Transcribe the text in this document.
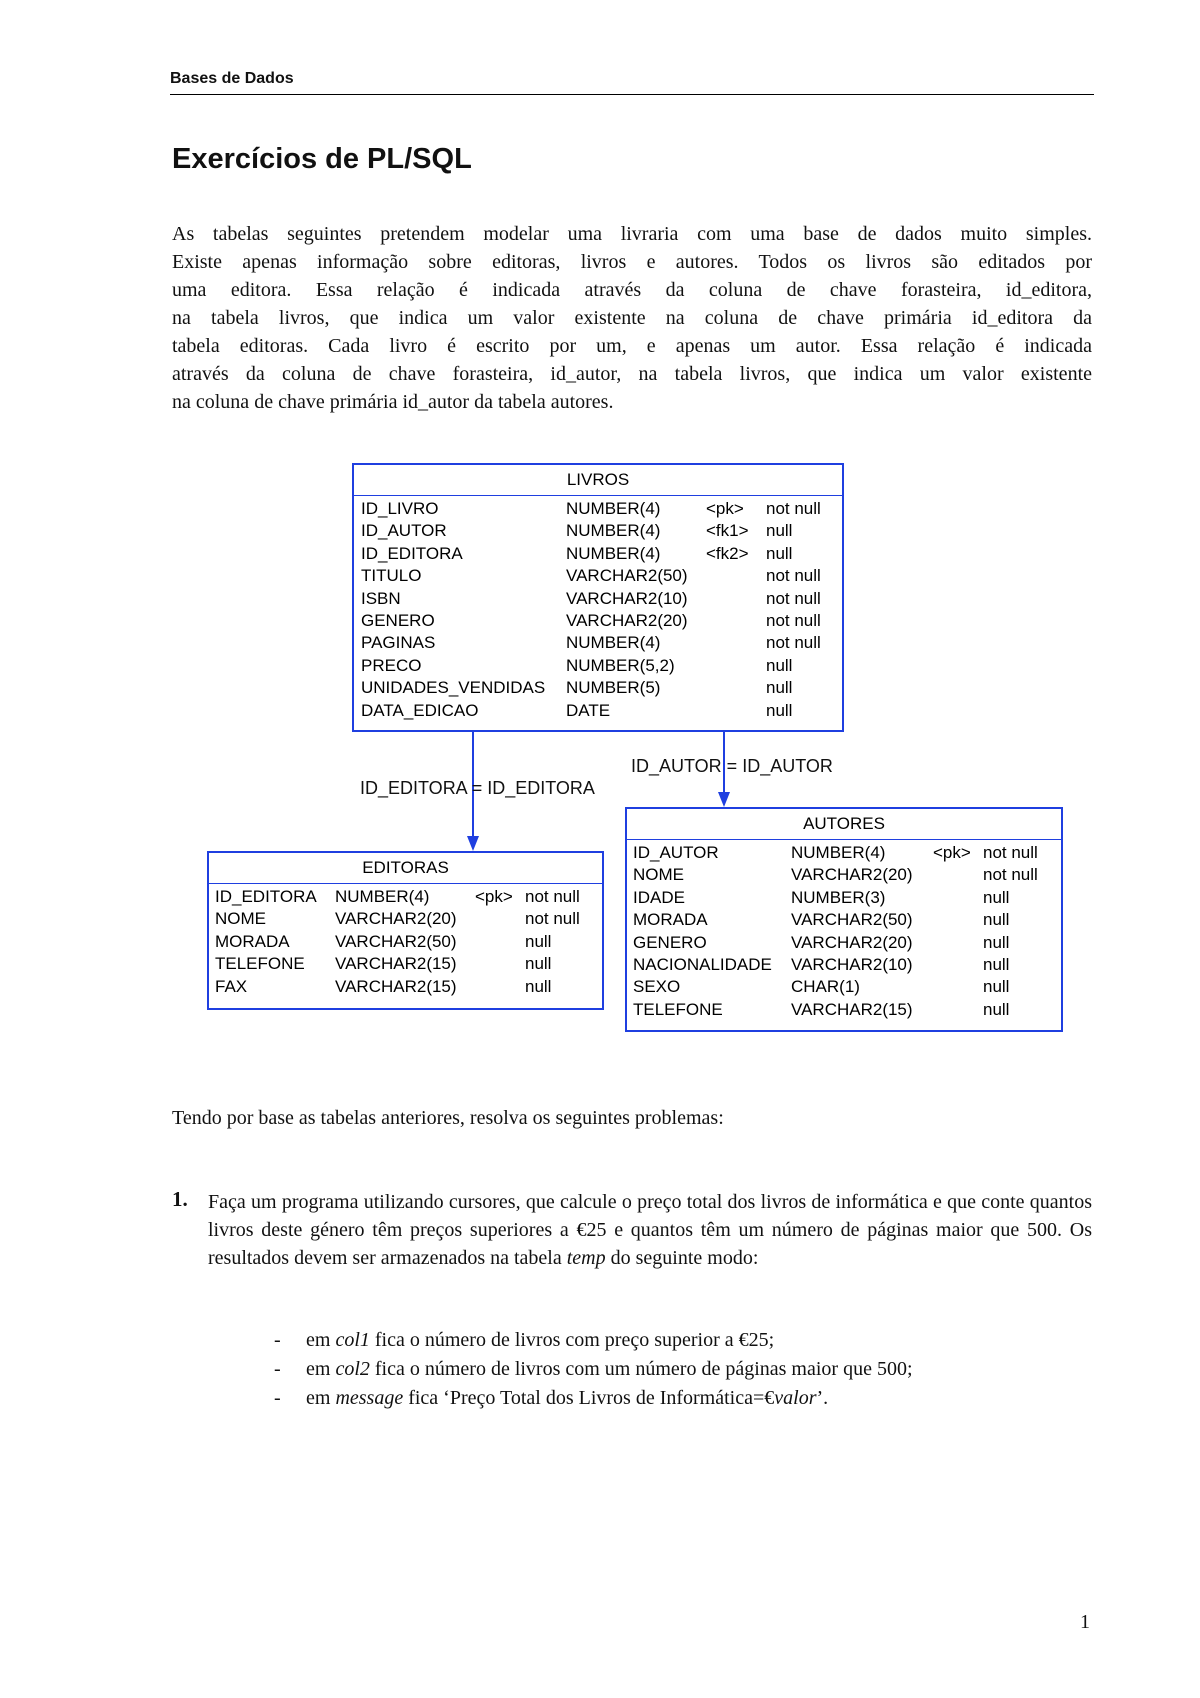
Bases de Dados
Exercícios de PL/SQL

As tabelas seguintes pretendem modelar uma livraria com uma base de dados muito simples.
Existe apenas informação sobre editoras, livros e autores. Todos os livros são editados por
uma editora. Essa relação é indicada através da coluna de chave forasteira, id_editora,
na tabela livros, que indica um valor existente na coluna de chave primária id_editora da
tabela editoras. Cada livro é escrito por um, e apenas um autor. Essa relação é indicada
através da coluna de chave forasteira, id_autor, na tabela livros, que indica um valor existente
na coluna de chave primária id_autor da tabela autores.

LIVROS
ID_LIVRO	NUMBER(4)	<pk> not null
ID_AUTOR	NUMBER(4)	<fk1> null
ID_EDITORA	NUMBER(4)	<fk2> null
TITULO	VARCHAR2(50)	not null
ISBN	VARCHAR2(10)	not null
GENERO	VARCHAR2(20)	not null
PAGINAS	NUMBER(4)	not null
PRECO	NUMBER(5,2)	null
UNIDADES_VENDIDAS NUMBER(5)	null
DATA_EDICAO	DATE	null
EDITORAS
ID_EDITORA NUMBER(4)	<pk> not null
NOME	VARCHAR2(20)	not null
MORADA	VARCHAR2(50)	null
TELEFONE VARCHAR2(15)	null
FAX	VARCHAR2(15)	null
AUTORES
ID_AUTOR	NUMBER(4)	<pk> not null
NOME	VARCHAR2(20)	not null
IDADE	NUMBER(3)	null
MORADA	VARCHAR2(50)	null
GENERO	VARCHAR2(20)	null
NACIONALIDADE VARCHAR2(10)	null
SEXO	CHAR(1)	null
TELEFONE	VARCHAR2(15)	null
ID_EDITORA = ID_EDITORA
ID_AUTOR = ID_AUTOR

Tendo por base as tabelas anteriores, resolva os seguintes problemas:

1. Faça um programa utilizando cursores, que calcule o preço total dos livros de informática e que conte quantos livros deste género têm preços superiores a €25 e quantos têm um número de páginas maior que 500. Os resultados devem ser armazenados na tabela temp do seguinte modo:

- em col1 fica o número de livros com preço superior a €25;
- em col2 fica o número de livros com um número de páginas maior que 500;
- em message fica ‘Preço Total dos Livros de Informática=€valor’.
1
